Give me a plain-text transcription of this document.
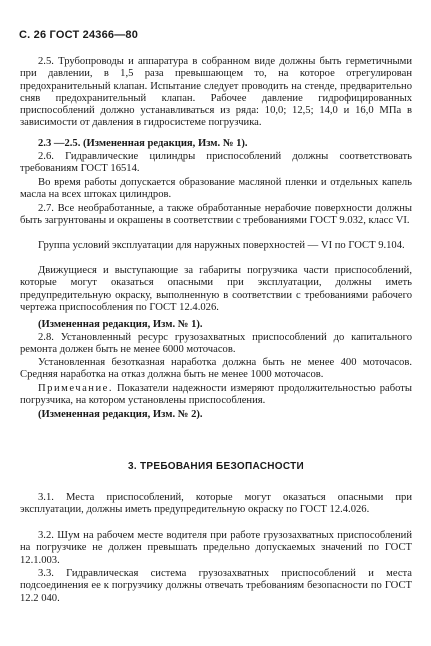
С. 26 ГОСТ 24366—80

2.5. Трубопроводы и аппаратура в собранном виде должны быть герметичными при давлении, в 1,5 раза превышающем то, на которое отрегулирован предохранительный клапан. Испытание следует проводить на стенде, предварительно сняв предохранительный клапан. Рабочее давление гидрофицированных приспособлений должно устанавливаться из ряда: 10,0; 12,5; 14,0 и 16,0 МПа в зависимости от давления в гидросистеме погрузчика.

2.3 —2.5. (Измененная редакция, Изм. № 1).

2.6. Гидравлические цилиндры приспособлений должны соответствовать требованиям ГОСТ 16514.

Во время работы допускается образование масляной пленки и отдельных капель масла на всех штоках цилиндров.

2.7. Все необработанные, а также обработанные нерабочие поверхности должны быть загрунтованы и окрашены в соответствии с требованиями ГОСТ 9.032, класс VI.

Группа условий эксплуатации для наружных поверхностей — VI по ГОСТ 9.104.

Движущиеся и выступающие за габариты погрузчика части приспособлений, которые могут оказаться опасными при эксплуатации, должны иметь предупредительную окраску, выполненную в соответствии с требованиями рабочего чертежа приспособления по ГОСТ 12.4.026.

(Измененная редакция, Изм. № 1).

2.8. Установленный ресурс грузозахватных приспособлений до капитального ремонта должен быть не менее 6000 моточасов.

Установленная безотказная наработка должна быть не менее 400 моточасов. Средняя наработка на отказ должна быть не менее 1000 моточасов.

Примечание. Показатели надежности измеряют продолжительностью работы погрузчика, на котором установлены приспособления.

(Измененная редакция, Изм. № 2).

3. ТРЕБОВАНИЯ БЕЗОПАСНОСТИ

3.1. Места приспособлений, которые могут оказаться опасными при эксплуатации, должны иметь предупредительную окраску по ГОСТ 12.4.026.

3.2. Шум на рабочем месте водителя при работе грузозахватных приспособлений на погрузчике не должен превышать предельно допускаемых значений по ГОСТ 12.1.003.

3.3. Гидравлическая система грузозахватных приспособлений и места подсоединения ее к погрузчику должны отвечать требованиям безопасности по ГОСТ 12.2 040.
